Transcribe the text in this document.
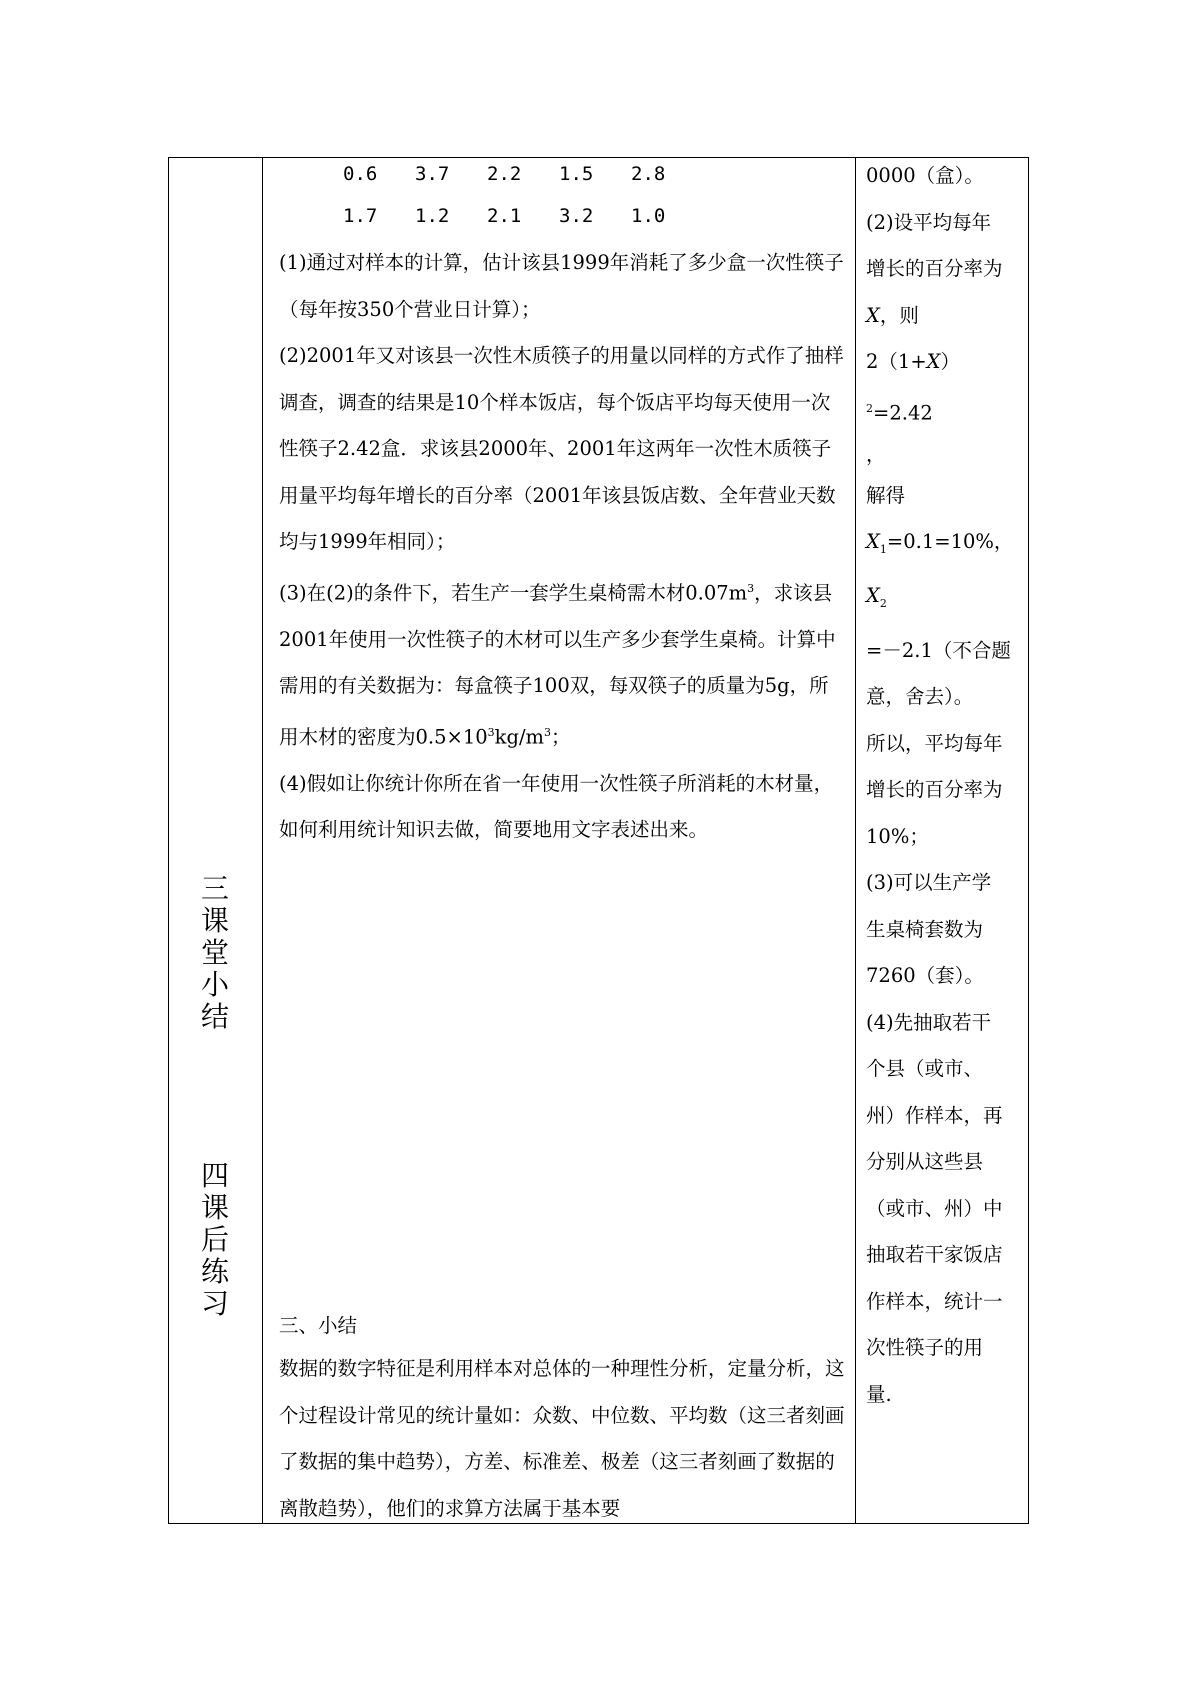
三
课
堂
小
结
四
课
后
练
习
0.6 3.7 2.2 1.5 2.8
1.7 1.2 2.1 3.2 1.0

(1)通过对样本的计算，估计该县1999年消耗了多少盒一次性筷子（每年按350个营业日计算）；

(2)2001年又对该县一次性木质筷子的用量以同样的方式作了抽样调查，调查的结果是10个样本饭店，每个饭店平均每天使用一次性筷子2.42盒．求该县2000年、2001年这两年一次性木质筷子用量平均每年增长的百分率（2001年该县饭店数、全年营业天数均与1999年相同）；

(3)在(2)的条件下，若生产一套学生桌椅需木材$0.07m^3$，求该县2001年使用一次性筷子的木材可以生产多少套学生桌椅。计算中需用的有关数据为：每盒筷子100双，每双筷子的质量为5g，所用木材的密度为$0.5\times 10^3kg/m^3$；

(4)假如让你统计你所在省一年使用一次性筷子所消耗的木材量，如何利用统计知识去做，简要地用文字表述出来。

三、小结

数据的数字特征是利用样本对总体的一种理性分析，定量分析，这个过程设计常见的统计量如：众数、中位数、平均数（这三者刻画了数据的集中趋势），方差、标准差、极差（这三者刻画了数据的离散趋势），他们的求算方法属于基本要

0000（盒）。

(2)设平均每年

增长的百分率为

X，则

$2(1+X)^2=2.42$

，

解得

$X_1=0.1=10\%$，$X_2$

=－2.1（不合题

意，舍去）。

所以，平均每年

增长的百分率为

10%；

(3)可以生产学

生桌椅套数为

7260（套）。

(4)先抽取若干

个县（或市、

州）作样本，再

分别从这些县

（或市、州）中

抽取若干家饭店

作样本，统计一

次性筷子的用

量.
